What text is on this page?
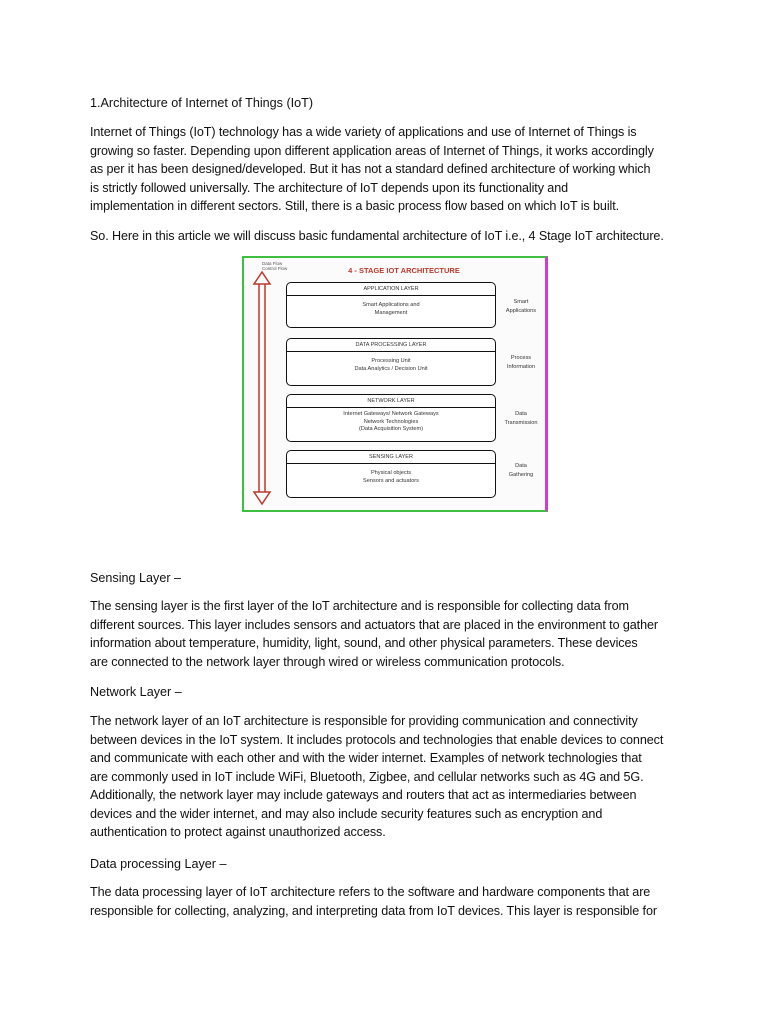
1.Architecture of Internet of Things (IoT)
Internet of Things (IoT) technology has a wide variety of applications and use of Internet of Things is
growing so faster. Depending upon different application areas of Internet of Things, it works accordingly
as per it has been designed/developed. But it has not a standard defined architecture of working which
is strictly followed universally. The architecture of IoT depends upon its functionality and
implementation in different sectors. Still, there is a basic process flow based on which IoT is built.
So. Here in this article we will discuss basic fundamental architecture of IoT i.e., 4 Stage IoT architecture.
Data Flow
Control Flow	4 - STAGE IOT ARCHITECTURE
APPLICATION LAYER
Smart Applications and
Management
Smart
Applications
DATA PROCESSING LAYER
Processing Unit
Data Analytics / Decision Unit
Process
Information
NETWORK LAYER
Internet Gateways/ Network Gateways
Network Technologies
(Data Acquisition System)
Data
Transmission
SENSING LAYER
Physical objects
Sensors and actuators
Data
Gathering
Sensing Layer –
The sensing layer is the first layer of the IoT architecture and is responsible for collecting data from
different sources. This layer includes sensors and actuators that are placed in the environment to gather
information about temperature, humidity, light, sound, and other physical parameters. These devices
are connected to the network layer through wired or wireless communication protocols.
Network Layer –
The network layer of an IoT architecture is responsible for providing communication and connectivity
between devices in the IoT system. It includes protocols and technologies that enable devices to connect
and communicate with each other and with the wider internet. Examples of network technologies that
are commonly used in IoT include WiFi, Bluetooth, Zigbee, and cellular networks such as 4G and 5G.
Additionally, the network layer may include gateways and routers that act as intermediaries between
devices and the wider internet, and may also include security features such as encryption and
authentication to protect against unauthorized access.
Data processing Layer –
The data processing layer of IoT architecture refers to the software and hardware components that are
responsible for collecting, analyzing, and interpreting data from IoT devices. This layer is responsible for
